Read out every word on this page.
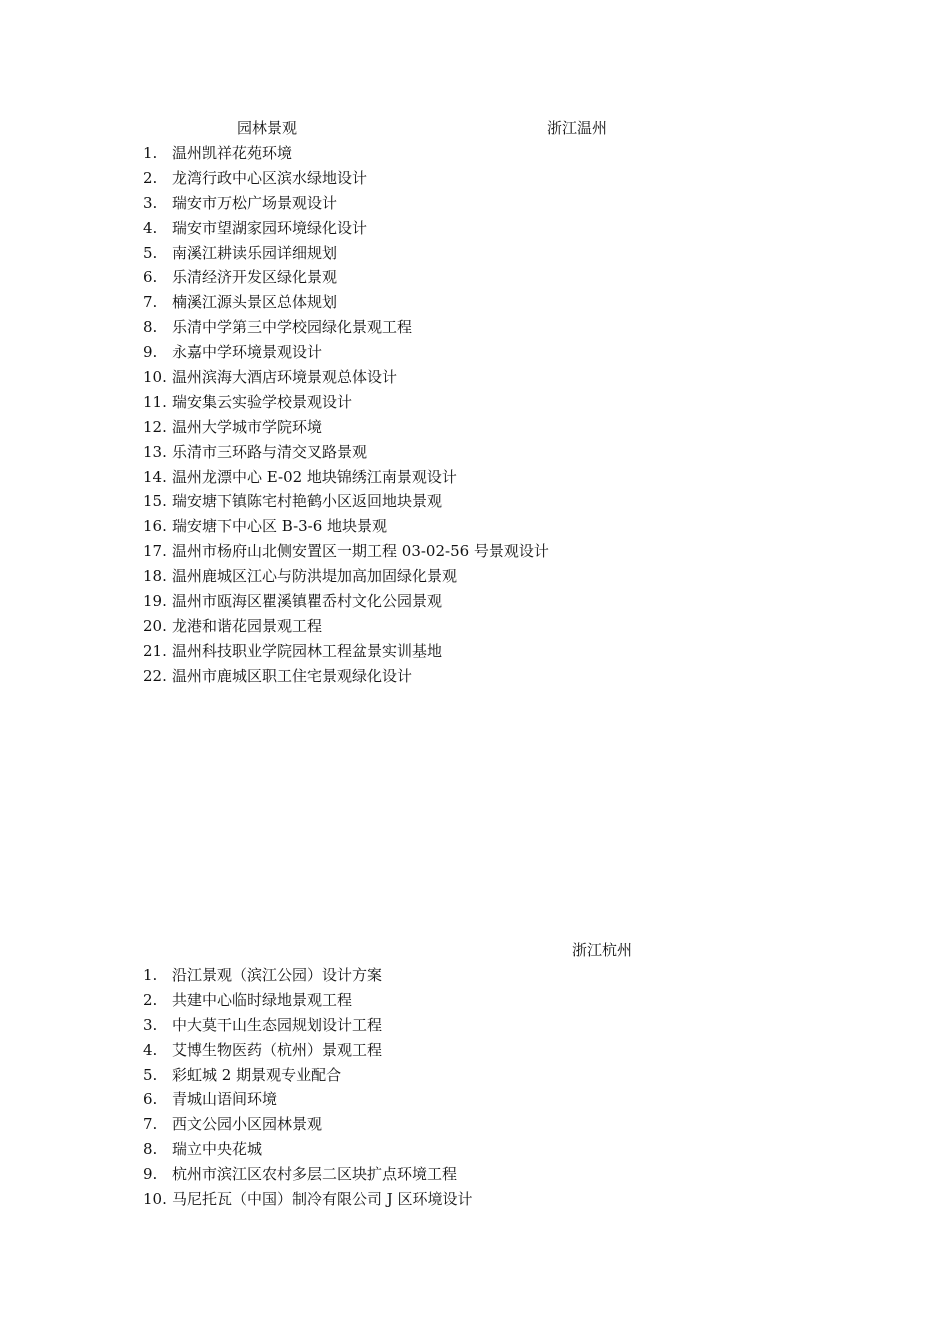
园林景观	浙江温州
1. 温州凯祥花苑环境
2. 龙湾行政中心区滨水绿地设计
3. 瑞安市万松广场景观设计
4. 瑞安市望湖家园环境绿化设计
5. 南溪江耕读乐园详细规划
6. 乐清经济开发区绿化景观
7. 楠溪江源头景区总体规划
8. 乐清中学第三中学校园绿化景观工程
9. 永嘉中学环境景观设计
10. 温州滨海大酒店环境景观总体设计
11. 瑞安集云实验学校景观设计
12. 温州大学城市学院环境
13. 乐清市三环路与清交叉路景观
14. 温州龙漂中心 E-02 地块锦绣江南景观设计
15. 瑞安塘下镇陈宅村艳鹤小区返回地块景观
16. 瑞安塘下中心区 B-3-6 地块景观
17. 温州市杨府山北侧安置区一期工程 03-02-56 号景观设计
18. 温州鹿城区江心与防洪堤加高加固绿化景观
19. 温州市瓯海区瞿溪镇瞿岙村文化公园景观
20. 龙港和谐花园景观工程
21. 温州科技职业学院园林工程盆景实训基地
22. 温州市鹿城区职工住宅景观绿化设计
浙江杭州
1. 沿江景观（滨江公园）设计方案
2. 共建中心临时绿地景观工程
3. 中大莫干山生态园规划设计工程
4. 艾博生物医药（杭州）景观工程
5. 彩虹城 2 期景观专业配合
6. 青城山语间环境
7. 西文公园小区园林景观
8. 瑞立中央花城
9. 杭州市滨江区农村多层二区块扩点环境工程
10. 马尼托瓦（中国）制冷有限公司 J 区环境设计
